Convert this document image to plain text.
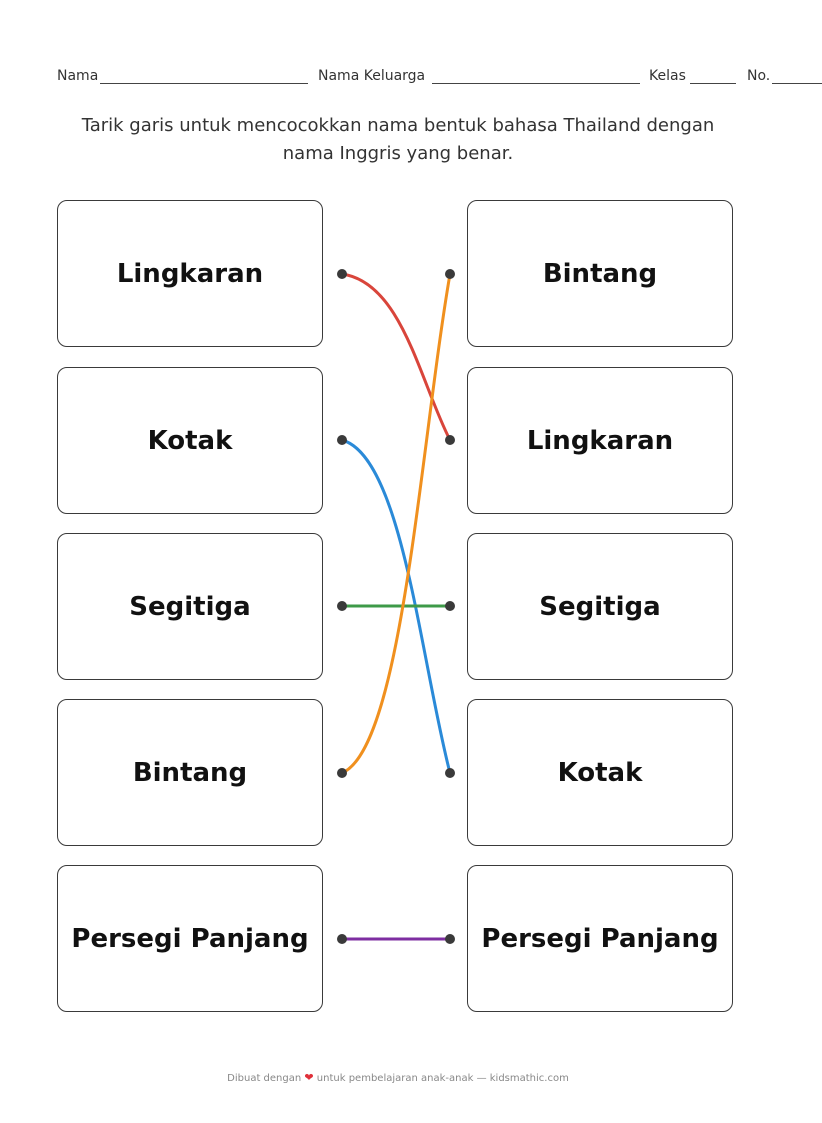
Nama	Nama Keluarga	Kelas	No.
Tarik garis untuk mencocokkan nama bentuk bahasa Thailand dengan nama Inggris yang benar.
Lingkaran
Kotak
Segitiga
Bintang
Persegi Panjang
Bintang
Lingkaran
Segitiga
Kotak
Persegi Panjang
Dibuat dengan ❤ untuk pembelajaran anak-anak — kidsmathic.com
